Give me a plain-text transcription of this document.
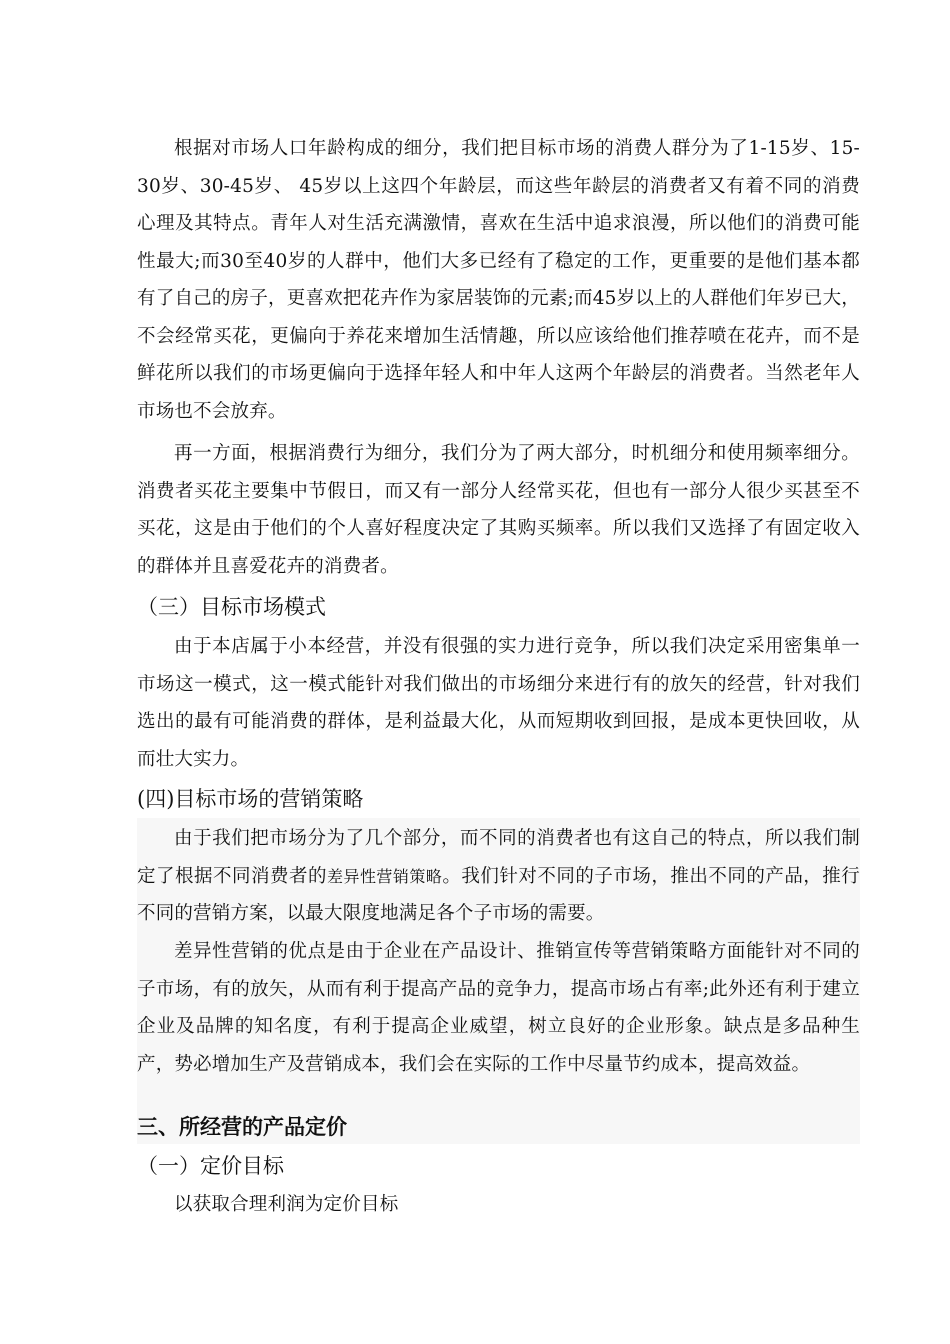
根据对市场人口年龄构成的细分，我们把目标市场的消费人群分为了1-15岁、15-30岁、30-45岁、 45岁以上这四个年龄层，而这些年龄层的消费者又有着不同的消费心理及其特点。青年人对生活充满激情，喜欢在生活中追求浪漫，所以他们的消费可能性最大;而30至40岁的人群中，他们大多已经有了稳定的工作，更重要的是他们基本都有了自己的房子，更喜欢把花卉作为家居装饰的元素;而45岁以上的人群他们年岁已大，不会经常买花，更偏向于养花来增加生活情趣，所以应该给他们推荐喷在花卉，而不是鲜花所以我们的市场更偏向于选择年轻人和中年人这两个年龄层的消费者。当然老年人市场也不会放弃。

再一方面，根据消费行为细分，我们分为了两大部分，时机细分和使用频率细分。消费者买花主要集中节假日，而又有一部分人经常买花，但也有一部分人很少买甚至不买花，这是由于他们的个人喜好程度决定了其购买频率。所以我们又选择了有固定收入的群体并且喜爱花卉的消费者。

（三）目标市场模式

由于本店属于小本经营，并没有很强的实力进行竞争，所以我们决定采用密集单一市场这一模式，这一模式能针对我们做出的市场细分来进行有的放矢的经营，针对我们选出的最有可能消费的群体，是利益最大化，从而短期收到回报，是成本更快回收，从而壮大实力。

(四)目标市场的营销策略

由于我们把市场分为了几个部分，而不同的消费者也有这自己的特点，所以我们制定了根据不同消费者的差异性营销策略。我们针对不同的子市场，推出不同的产品，推行不同的营销方案，以最大限度地满足各个子市场的需要。

差异性营销的优点是由于企业在产品设计、推销宣传等营销策略方面能针对不同的子市场，有的放矢，从而有利于提高产品的竞争力，提高市场占有率;此外还有利于建立企业及品牌的知名度，有利于提高企业威望，树立良好的企业形象。缺点是多品种生产，势必增加生产及营销成本，我们会在实际的工作中尽量节约成本，提高效益。

三、所经营的产品定价
（一）定价目标

以获取合理利润为定价目标
